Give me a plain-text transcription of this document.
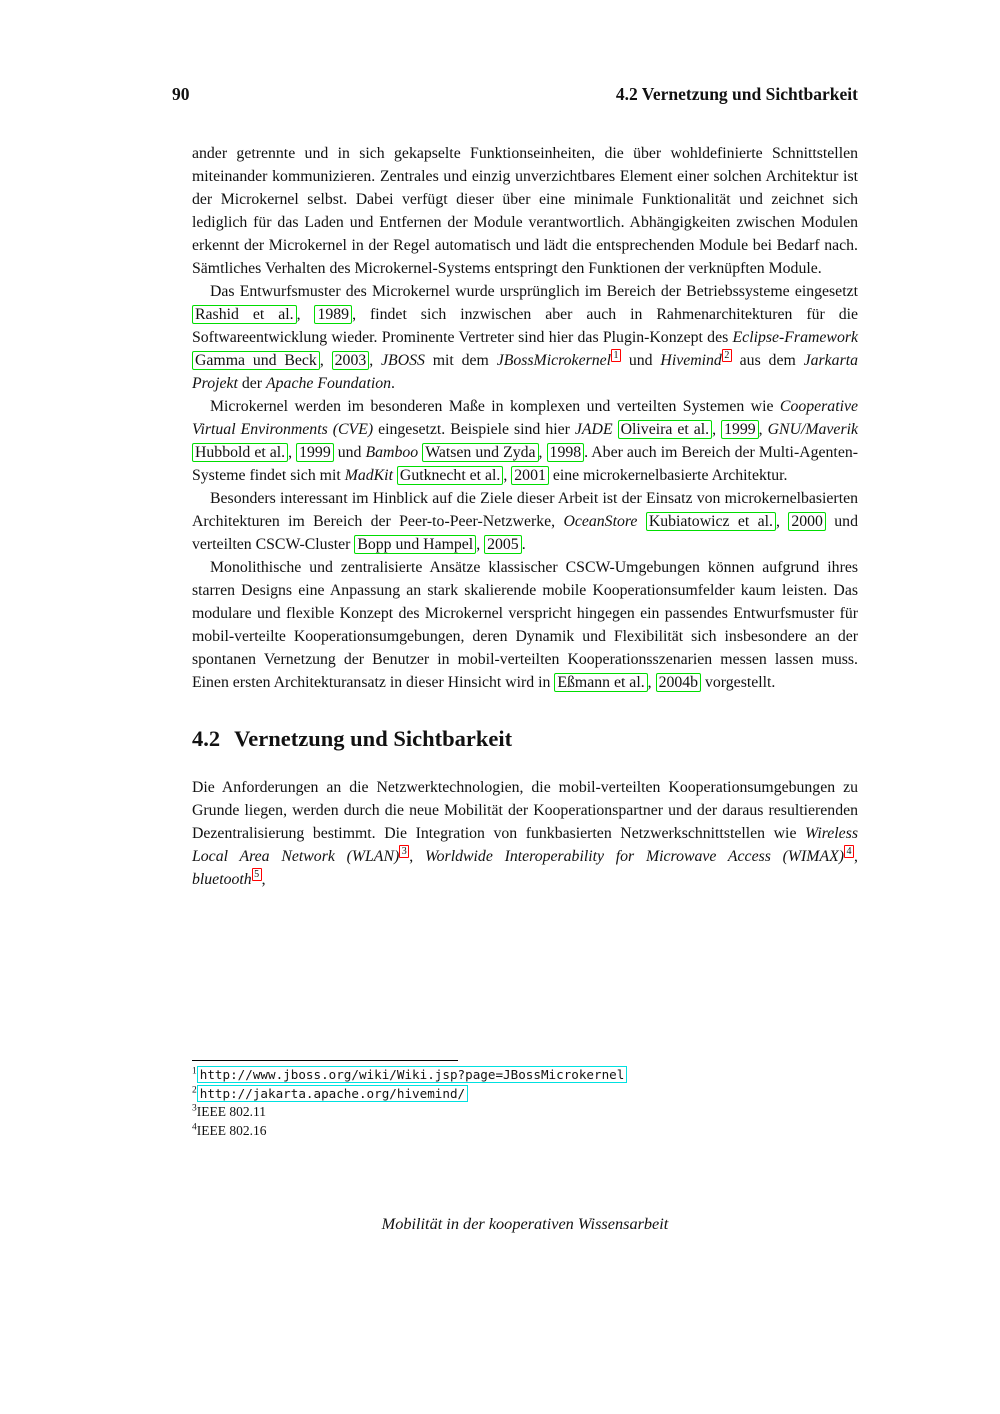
90	4.2 Vernetzung und Sichtbarkeit

ander getrennte und in sich gekapselte Funktionseinheiten, die über wohldefinierte Schnittstellen miteinander kommunizieren. Zentrales und einzig unverzichtbares Element einer solchen Architektur ist der Microkernel selbst. Dabei verfügt dieser über eine minimale Funktionalität und zeichnet sich lediglich für das Laden und Entfernen der Module verantwortlich. Abhängigkeiten zwischen Modulen erkennt der Microkernel in der Regel automatisch und lädt die entsprechenden Module bei Bedarf nach. Sämtliches Verhalten des Microkernel-Systems entspringt den Funktionen der verknüpften Module.

Das Entwurfsmuster des Microkernel wurde ursprünglich im Bereich der Betriebssysteme eingesetzt Rashid et al. , 1989 , findet sich inzwischen aber auch in Rahmenarchitekturen für die Softwareentwicklung wieder. Prominente Vertreter sind hier das Plugin-Konzept des Eclipse-Framework Gamma und Beck , 2003 , JBOSS mit dem JBossMicrokernel $^1$ und Hivemind $^2$ aus dem Jarkarta Projekt der Apache Foundation.

Microkernel werden im besonderen Maße in komplexen und verteilten Systemen wie Cooperative Virtual Environments (CVE) eingesetzt. Beispiele sind hier JADE Oliveira et al. , 1999 , GNU/Maverik Hubbold et al. , 1999 und Bamboo Watsen und Zyda , 1998 . Aber auch im Bereich der Multi-Agenten-Systeme findet sich mit MadKit Gutknecht et al. , 2001 eine microkernelbasierte Architektur.

Besonders interessant im Hinblick auf die Ziele dieser Arbeit ist der Einsatz von microkernelbasierten Architekturen im Bereich der Peer-to-Peer-Netzwerke, OceanStore Kubiatowicz et al. , 2000 und verteilten CSCW-Cluster Bopp und Hampel , 2005 .

Monolithische und zentralisierte Ansätze klassischer CSCW-Umgebungen können aufgrund ihres starren Designs eine Anpassung an stark skalierende mobile Kooperationsumfelder kaum leisten. Das modulare und flexible Konzept des Microkernel verspricht hingegen ein passendes Entwurfsmuster für mobil-verteilte Kooperationsumgebungen, deren Dynamik und Flexibilität sich insbesondere an der spontanen Vernetzung der Benutzer in mobil-verteilten Kooperationsszenarien messen lassen muss. Einen ersten Architekturansatz in dieser Hinsicht wird in Eßmann et al. , 2004b vorgestellt.

4.2 Vernetzung und Sichtbarkeit

Die Anforderungen an die Netzwerktechnologien, die mobil-verteilten Kooperationsumgebungen zu Grunde liegen, werden durch die neue Mobilität der Kooperationspartner und der daraus resultierenden Dezentralisierung bestimmt. Die Integration von funkbasierten Netzwerkschnittstellen wie Wireless Local Area Network (WLAN) $^3$ , Worldwide Interoperability for Microwave Access (WIMAX) $^4$ , bluetooth $^5$ ,

$^1$ http://www.jboss.org/wiki/Wiki.jsp?page=JBossMicrokernel
$^2$ http://jakarta.apache.org/hivemind/
$^3$IEEE 802.11
$^4$IEEE 802.16
Mobilität in der kooperativen Wissensarbeit
